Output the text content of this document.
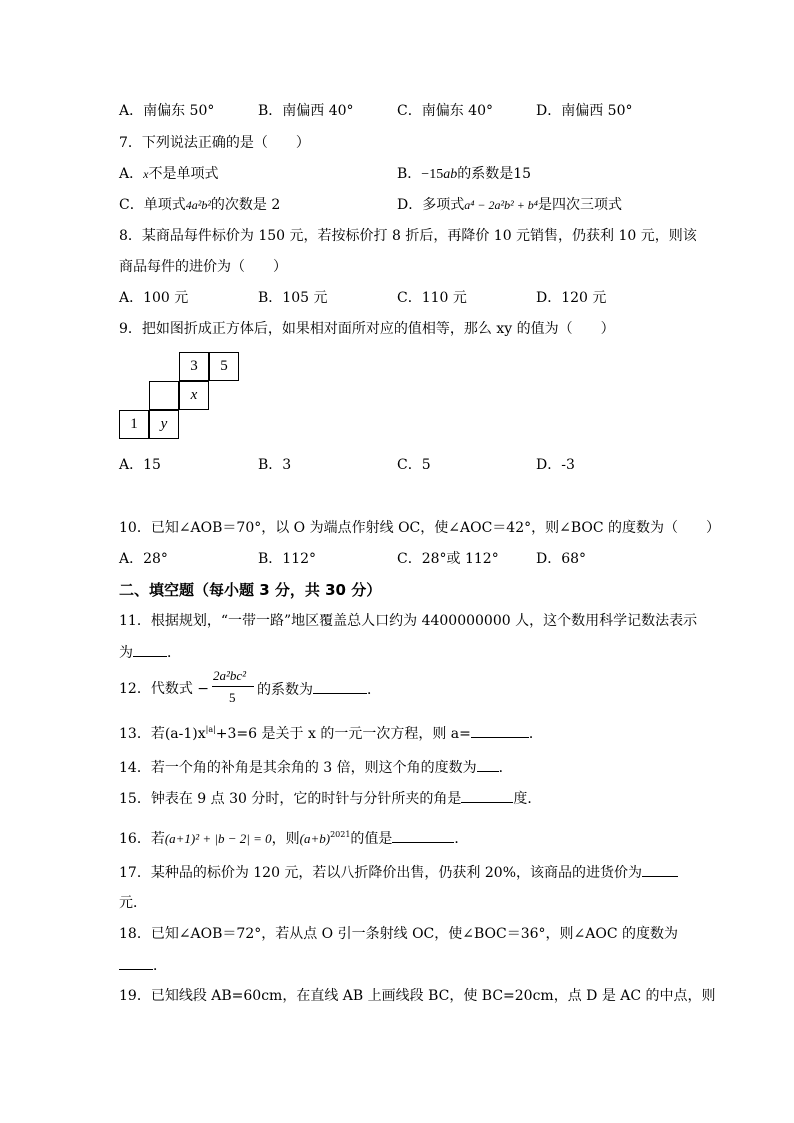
A．南偏东 50°	B．南偏西 40°	C．南偏东 40°	D．南偏西 50°
7．下列说法正确的是（　　）
A．x不是单项式	B．−15ab的系数是15
C．单项式4a²b²的次数是 2	D．多项式a⁴ − 2a²b² + b⁴是四次三项式
8．某商品每件标价为 150 元，若按标价打 8 折后，再降价 10 元销售，仍获利 10 元，则该
商品每件的进价为（　　）
A．100 元	B．105 元	C．110 元	D．120 元
9．把如图折成正方体后，如果相对面所对应的值相等，那么 xy 的值为（　　）
3	5
x
1	y
A．15	B．3	C．5	D．-3
10．已知∠AOB＝70°，以 O 为端点作射线 OC，使∠AOC＝42°，则∠BOC 的度数为（　　）
A．28°	B．112°	C．28°或 112°	D．68°
二、填空题（每小题 3 分，共 30 分）
11．根据规划，“一带一路”地区覆盖总人口约为 4400000000 人，这个数用科学记数法表示
为 ．
12．代数式 −
2a²bc²
5 的系数为	．
13．若$(a-1)x^{|a|}+3=6$ 是关于 x 的一元一次方程，则 a=	．
14．若一个角的补角是其余角的 3 倍，则这个角的度数为 ．
15．钟表在 9 点 30 分时，它的时针与分针所夹的角是	度．
16．若(a+1)² + |b − 2| = 0，则$(a+b)^{2021}$的值是	．
17．某种品的标价为 120 元，若以八折降价出售，仍获利 20%，该商品的进货价为
元．
18．已知∠AOB＝72°，若从点 O 引一条射线 OC，使∠BOC＝36°，则∠AOC 的度数为
．
19．已知线段 AB=60cm，在直线 AB 上画线段 BC，使 BC=20cm，点 D 是 AC 的中点，则
